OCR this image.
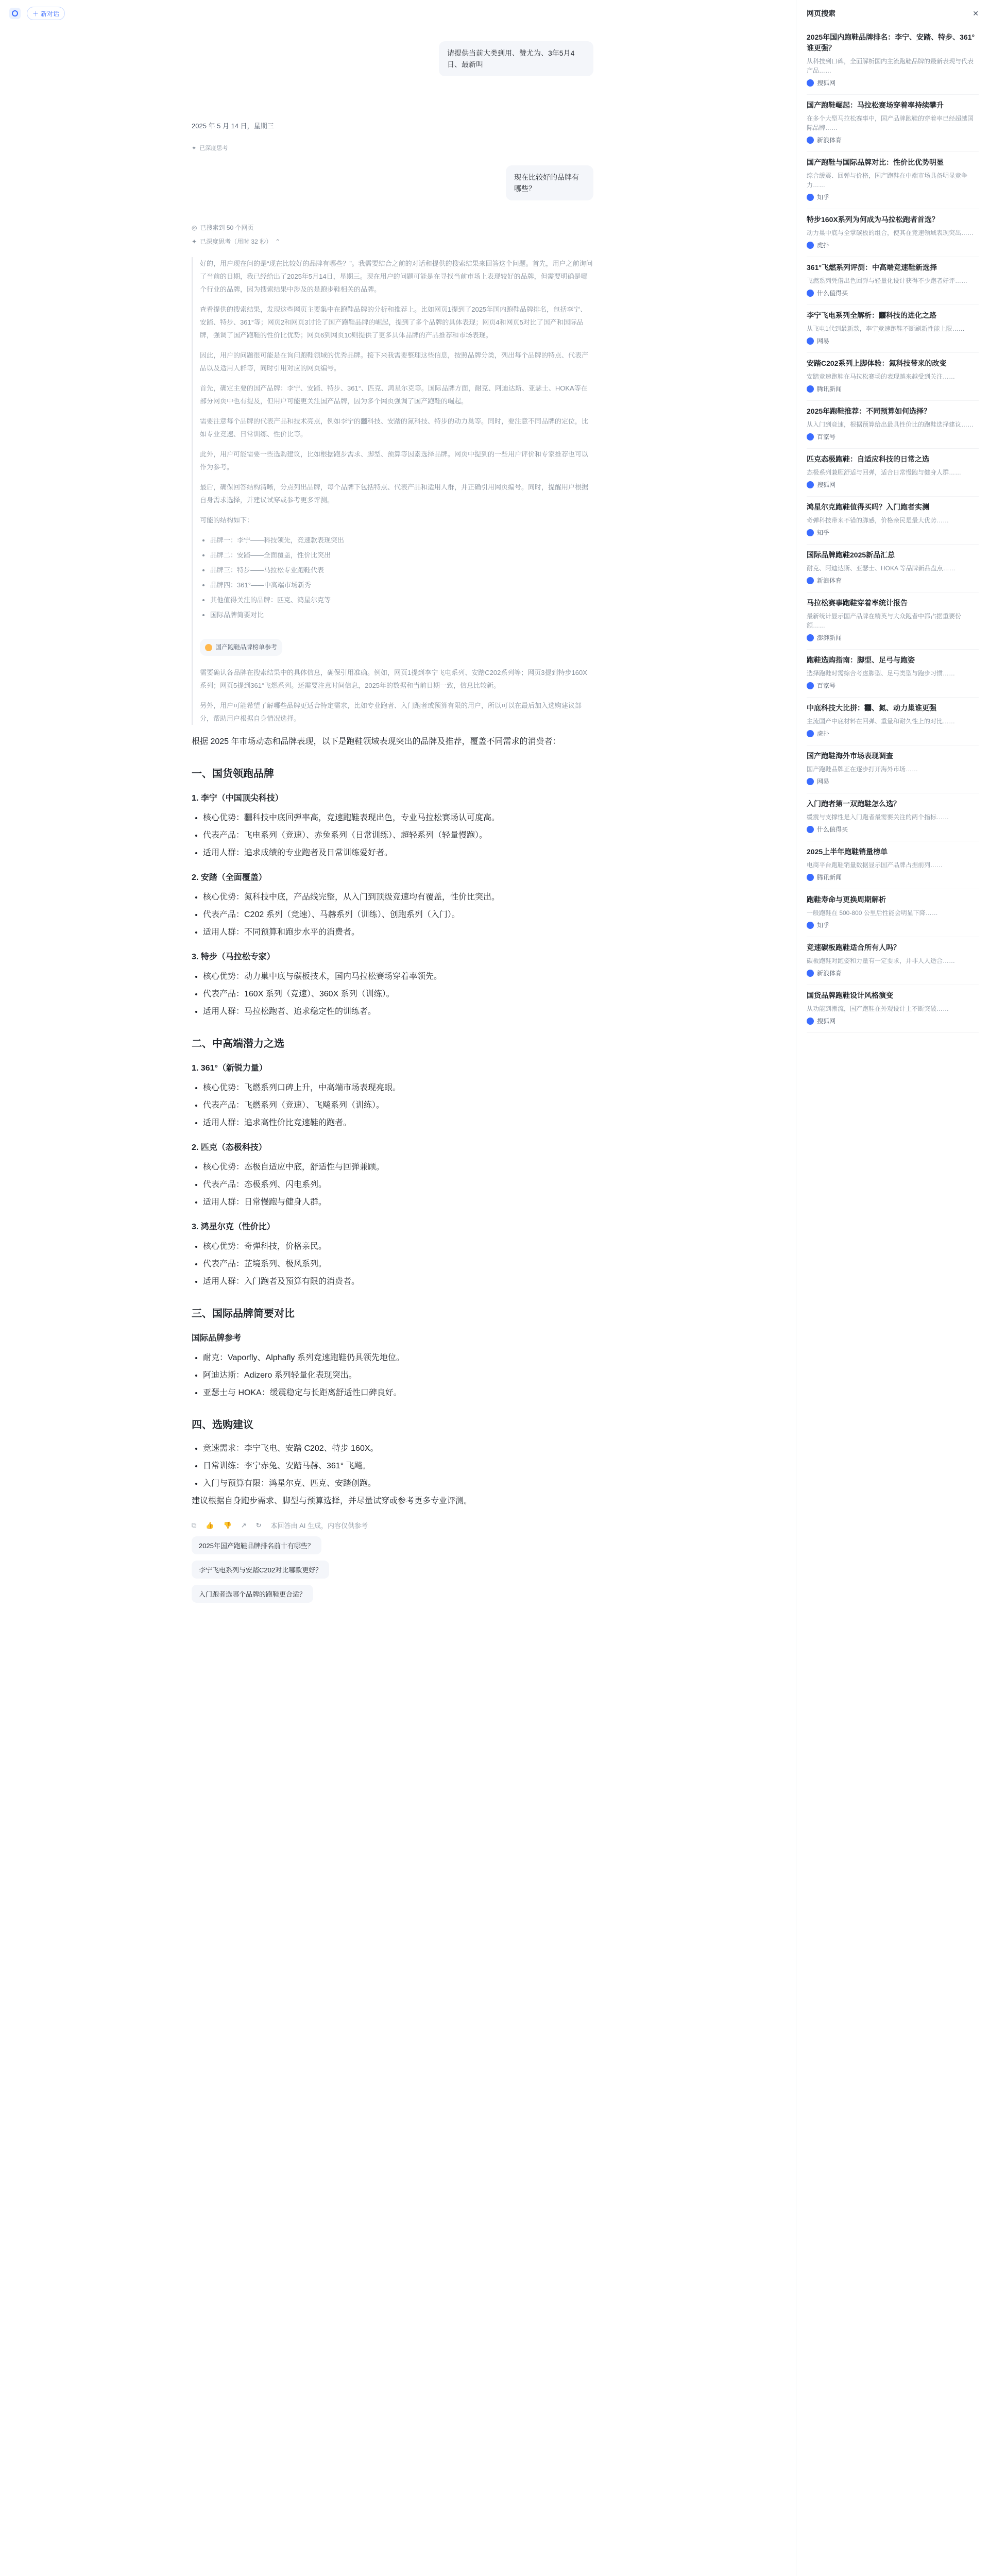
＋ 新对话
请提供当前大类到用、赞尤为、3年5月4日、最新叫
2025 年 5 月 14 日，星期三
✦ 已深度思考
现在比较好的品牌有哪些？
◎ 已搜索到 50 个网页
✦ 已深度思考（用时 32 秒） ⌃

好的，用户现在问的是“现在比较好的品牌有哪些？”。我需要结合之前的对话和提供的搜索结果来回答这个问题。首先，用户之前询问了当前的日期，我已经给出了2025年5月14日，星期三。现在用户的问题可能是在寻找当前市场上表现较好的品牌，但需要明确是哪个行业的品牌，因为搜索结果中涉及的是跑步鞋相关的品牌。

查看提供的搜索结果，发现这些网页主要集中在跑鞋品牌的分析和推荐上。比如网页1提到了2025年国内跑鞋品牌排名，包括李宁、安踏、特步、361°等；网页2和网页3讨论了国产跑鞋品牌的崛起，提到了多个品牌的具体表现；网页4和网页5对比了国产和国际品牌，强调了国产跑鞋的性价比优势；网页6到网页10则提供了更多具体品牌的产品推荐和市场表现。

因此，用户的问题很可能是在询问跑鞋领域的优秀品牌。接下来我需要整理这些信息，按照品牌分类，列出每个品牌的特点、代表产品以及适用人群等，同时引用对应的网页编号。

首先，确定主要的国产品牌：李宁、安踏、特步、361°、匹克、鸿星尔克等。国际品牌方面，耐克、阿迪达斯、亚瑟士、HOKA等在部分网页中也有提及，但用户可能更关注国产品牌，因为多个网页强调了国产跑鞋的崛起。

需要注意每个品牌的代表产品和技术亮点，例如李宁的䨻科技、安踏的氮科技、特步的动力巢等。同时，要注意不同品牌的定位，比如专业竞速、日常训练、性价比等。

此外，用户可能需要一些选购建议，比如根据跑步需求、脚型、预算等因素选择品牌。网页中提到的一些用户评价和专家推荐也可以作为参考。

最后，确保回答结构清晰，分点列出品牌，每个品牌下包括特点、代表产品和适用人群，并正确引用网页编号。同时，提醒用户根据自身需求选择，并建议试穿或参考更多评测。

可能的结构如下：

• 品牌一：李宁——科技领先，竞速款表现突出
• 品牌二：安踏——全面覆盖，性价比突出
• 品牌三：特步——马拉松专业跑鞋代表
• 品牌四：361°——中高端市场新秀
• 其他值得关注的品牌：匹克、鸿星尔克等
• 国际品牌简要对比
国产跑鞋品牌榜单参考

需要确认各品牌在搜索结果中的具体信息，确保引用准确。例如，网页1提到李宁飞电系列、安踏C202系列等；网页3提到特步160X系列；网页5提到361°飞燃系列。还需要注意时间信息，2025年的数据和当前日期一致，信息比较新。

另外，用户可能希望了解哪些品牌更适合特定需求，比如专业跑者、入门跑者或预算有限的用户，所以可以在最后加入选购建议部分，帮助用户根据自身情况选择。

根据 2025 年市场动态和品牌表现，以下是跑鞋领域表现突出的品牌及推荐，覆盖不同需求的消费者：

一、国货领跑品牌
1. 李宁（中国顶尖科技）
• 核心优势：䨻科技中底回弹率高，竞速跑鞋表现出色，专业马拉松赛场认可度高。
• 代表产品：飞电系列（竞速）、赤兔系列（日常训练）、超轻系列（轻量慢跑）。
• 适用人群：追求成绩的专业跑者及日常训练爱好者。
2. 安踏（全面覆盖）
• 核心优势：氮科技中底，产品线完整，从入门到顶级竞速均有覆盖，性价比突出。
• 代表产品：C202 系列（竞速）、马赫系列（训练）、创跑系列（入门）。
• 适用人群：不同预算和跑步水平的消费者。
3. 特步（马拉松专家）
• 核心优势：动力巢中底与碳板技术，国内马拉松赛场穿着率领先。
• 代表产品：160X 系列（竞速）、360X 系列（训练）。
• 适用人群：马拉松跑者、追求稳定性的训练者。
二、中高端潜力之选
1. 361°（新锐力量）
• 核心优势：飞燃系列口碑上升，中高端市场表现亮眼。
• 代表产品：飞燃系列（竞速）、飞飚系列（训练）。
• 适用人群：追求高性价比竞速鞋的跑者。
2. 匹克（态极科技）
• 核心优势：态极自适应中底，舒适性与回弹兼顾。
• 代表产品：态极系列、闪电系列。
• 适用人群：日常慢跑与健身人群。
3. 鸿星尔克（性价比）
• 核心优势：奇弹科技，价格亲民。
• 代表产品：芷境系列、极风系列。
• 适用人群：入门跑者及预算有限的消费者。
三、国际品牌简要对比
国际品牌参考
• 耐克：Vaporfly、Alphafly 系列竞速跑鞋仍具领先地位。
• 阿迪达斯：Adizero 系列轻量化表现突出。
• 亚瑟士与 HOKA：缓震稳定与长距离舒适性口碑良好。
四、选购建议
• 竞速需求：李宁飞电、安踏 C202、特步 160X。
• 日常训练：李宁赤兔、安踏马赫、361° 飞飚。
• 入门与预算有限：鸿星尔克、匹克、安踏创跑。

建议根据自身跑步需求、脚型与预算选择，并尽量试穿或参考更多专业评测。

⧉ 👍 👎 ↗ ↻ 本回答由 AI 生成，内容仅供参考
2025年国产跑鞋品牌排名前十有哪些？
李宁飞电系列与安踏C202对比哪款更好？
入门跑者选哪个品牌的跑鞋更合适？
网页搜索	✕
2025年国内跑鞋品牌排名：李宁、安踏、特步、361°谁更强？
从科技到口碑，全面解析国内主流跑鞋品牌的最新表现与代表产品……
搜狐网
国产跑鞋崛起：马拉松赛场穿着率持续攀升
在多个大型马拉松赛事中，国产品牌跑鞋的穿着率已经超越国际品牌……
新浪体育
国产跑鞋与国际品牌对比：性价比优势明显
综合缓震、回弹与价格，国产跑鞋在中端市场具备明显竞争力……
知乎
特步160X系列为何成为马拉松跑者首选？
动力巢中底与全掌碳板的组合，使其在竞速领域表现突出……
虎扑
361°飞燃系列评测：中高端竞速鞋新选择
飞燃系列凭借出色回弹与轻量化设计获得不少跑者好评……
什么值得买
李宁飞电系列全解析：䨻科技的进化之路
从飞电1代到最新款，李宁竞速跑鞋不断刷新性能上限……
网易
安踏C202系列上脚体验：氮科技带来的改变
安踏竞速跑鞋在马拉松赛场的表现越来越受到关注……
腾讯新闻
2025年跑鞋推荐：不同预算如何选择？
从入门到竞速，根据预算给出最具性价比的跑鞋选择建议……
百家号
匹克态极跑鞋：自适应科技的日常之选
态极系列兼顾舒适与回弹，适合日常慢跑与健身人群……
搜狐网
鸿星尔克跑鞋值得买吗？入门跑者实测
奇弹科技带来不错的脚感，价格亲民是最大优势……
知乎
国际品牌跑鞋2025新品汇总
耐克、阿迪达斯、亚瑟士、HOKA 等品牌新品盘点……
新浪体育
马拉松赛事跑鞋穿着率统计报告
最新统计显示国产品牌在精英与大众跑者中都占据重要份额……
澎湃新闻
跑鞋选购指南：脚型、足弓与跑姿
选择跑鞋时需综合考虑脚型、足弓类型与跑步习惯……
百家号
中底科技大比拼：䨻、氮、动力巢谁更强
主流国产中底材料在回弹、重量和耐久性上的对比……
虎扑
国产跑鞋海外市场表现调查
国产跑鞋品牌正在逐步打开海外市场……
网易
入门跑者第一双跑鞋怎么选？
缓震与支撑性是入门跑者最需要关注的两个指标……
什么值得买
2025上半年跑鞋销量榜单
电商平台跑鞋销量数据显示国产品牌占据前列……
腾讯新闻
跑鞋寿命与更换周期解析
一般跑鞋在 500-800 公里后性能会明显下降……
知乎
竞速碳板跑鞋适合所有人吗？
碳板跑鞋对跑姿和力量有一定要求，并非人人适合……
新浪体育
国货品牌跑鞋设计风格演变
从功能到潮流，国产跑鞋在外观设计上不断突破……
搜狐网
